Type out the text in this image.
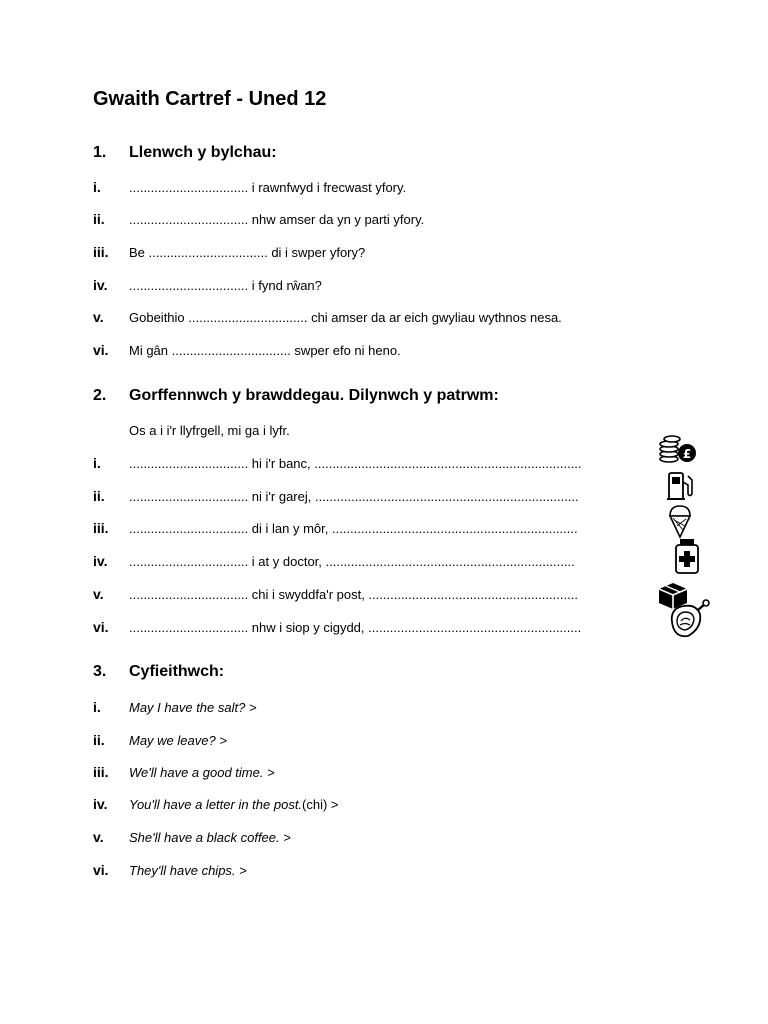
Gwaith Cartref - Uned 12
1. Llenwch y bylchau:
i. ................................. i rawnfwyd i frecwast yfory.
ii. ................................. nhw amser da yn y parti yfory.
iii. Be ................................. di i swper yfory?
iv. ................................. i fynd rŵan?
v. Gobeithio ................................. chi amser da ar eich gwyliau wythnos nesa.
vi. Mi gân ................................. swper efo ni heno.
2. Gorffennwch y brawddegau. Dilynwch y patrwm:
Os a i i'r llyfrgell, mi ga i lyfr.
i. ................................. hi i'r banc, ..........................................................................
ii. ................................. ni i'r garej, .........................................................................
iii. ................................. di i lan y môr, ....................................................................
iv. ................................. i at y doctor, .....................................................................
v. ................................. chi i swyddfa'r post, ..........................................................
vi. ................................. nhw i siop y cigydd, ...........................................................
£
3. Cyfieithwch:
i. May I have the salt? >
ii. May we leave? >
iii. We'll have a good time. >
iv. You'll have a letter in the post.(chi) >
v. She'll have a black coffee. >
vi. They'll have chips. >
